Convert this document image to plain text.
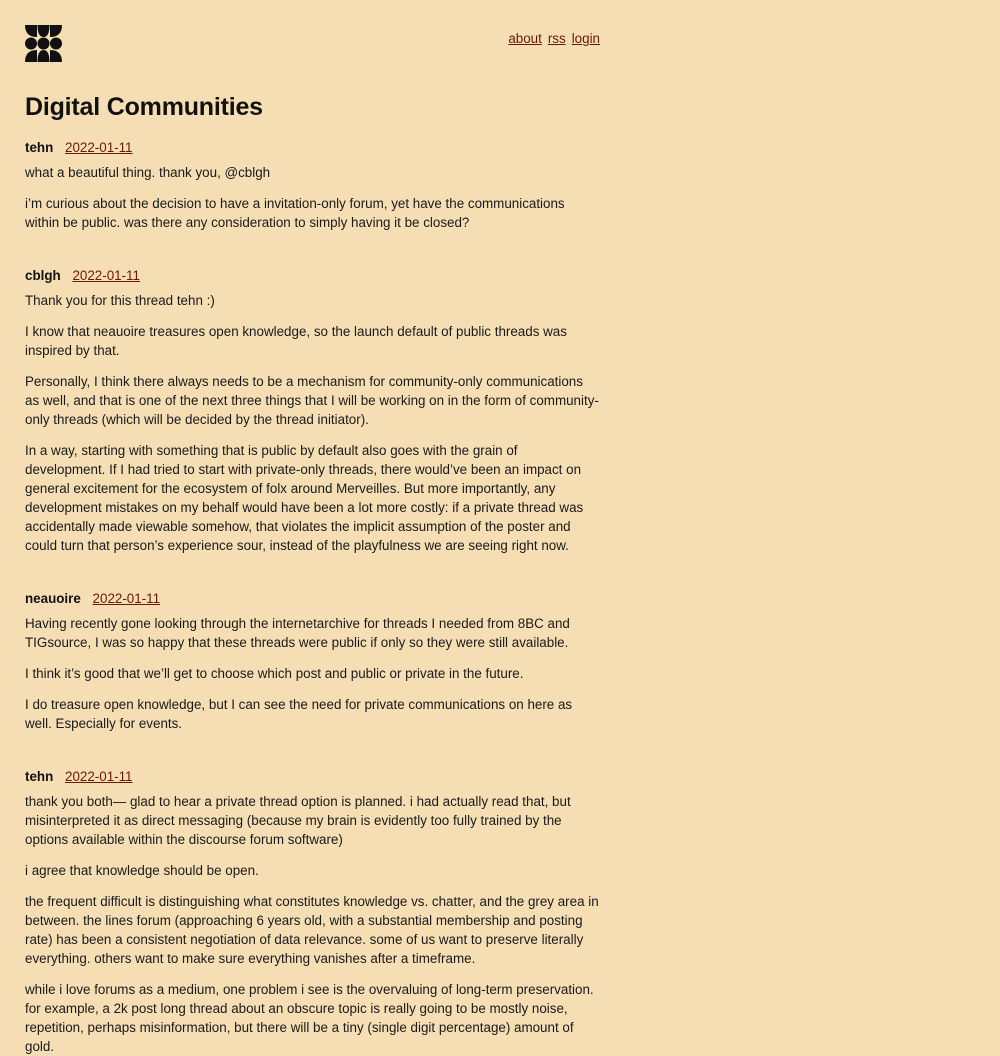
about rss login
Digital Communities
tehn 2022-01-11

what a beautiful thing. thank you, @cblgh

i’m curious about the decision to have a invitation-only forum, yet have the communications within be public. was there any consideration to simply having it be closed?

cblgh 2022-01-11

Thank you for this thread tehn :)

I know that neauoire treasures open knowledge, so the launch default of public threads was inspired by that.

Personally, I think there always needs to be a mechanism for community-only communications as well, and that is one of the next three things that I will be working on in the form of community-only threads (which will be decided by the thread initiator).

In a way, starting with something that is public by default also goes with the grain of development. If I had tried to start with private-only threads, there would’ve been an impact on general excitement for the ecosystem of folx around Merveilles. But more importantly, any development mistakes on my behalf would have been a lot more costly: if a private thread was accidentally made viewable somehow, that violates the implicit assumption of the poster and could turn that person’s experience sour, instead of the playfulness we are seeing right now.

neauoire 2022-01-11

Having recently gone looking through the internetarchive for threads I needed from 8BC and TIGsource, I was so happy that these threads were public if only so they were still available.

I think it’s good that we’ll get to choose which post and public or private in the future.

I do treasure open knowledge, but I can see the need for private communications on here as well. Especially for events.

tehn 2022-01-11

thank you both— glad to hear a private thread option is planned. i had actually read that, but misinterpreted it as direct messaging (because my brain is evidently too fully trained by the options available within the discourse forum software)

i agree that knowledge should be open.

the frequent difficult is distinguishing what constitutes knowledge vs. chatter, and the grey area in between. the lines forum (approaching 6 years old, with a substantial membership and posting rate) has been a consistent negotiation of data relevance. some of us want to preserve literally everything. others want to make sure everything vanishes after a timeframe.

while i love forums as a medium, one problem i see is the overvaluing of long-term preservation. for example, a 2k post long thread about an obscure topic is really going to be mostly noise, repetition, perhaps misinformation, but there will be a tiny (single digit percentage) amount of gold.
